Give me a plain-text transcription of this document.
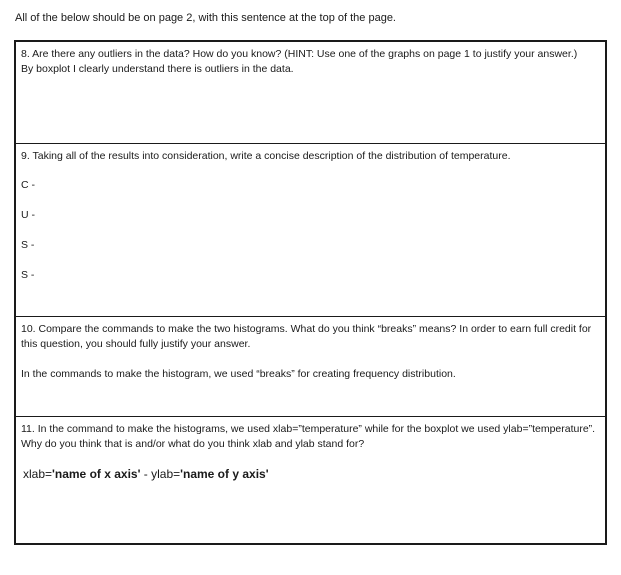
All of the below should be on page 2, with this sentence at the top of the page.
8. Are there any outliers in the data? How do you know? (HINT: Use one of the graphs on page 1 to justify your answer.)
By boxplot I clearly understand there is outliers in the data.
9. Taking all of the results into consideration, write a concise description of the distribution of temperature.
C -
U -
S -
S -
10. Compare the commands to make the two histograms. What do you think “breaks” means? In order to earn full credit for this question, you should fully justify your answer.
In the commands to make the histogram, we used “breaks” for creating frequency distribution.
11. In the command to make the histograms, we used xlab=”temperature” while for the boxplot we used ylab=”temperature”. Why do you think that is and/or what do you think xlab and ylab stand for?
xlab='name of x axis' - ylab='name of y axis'
